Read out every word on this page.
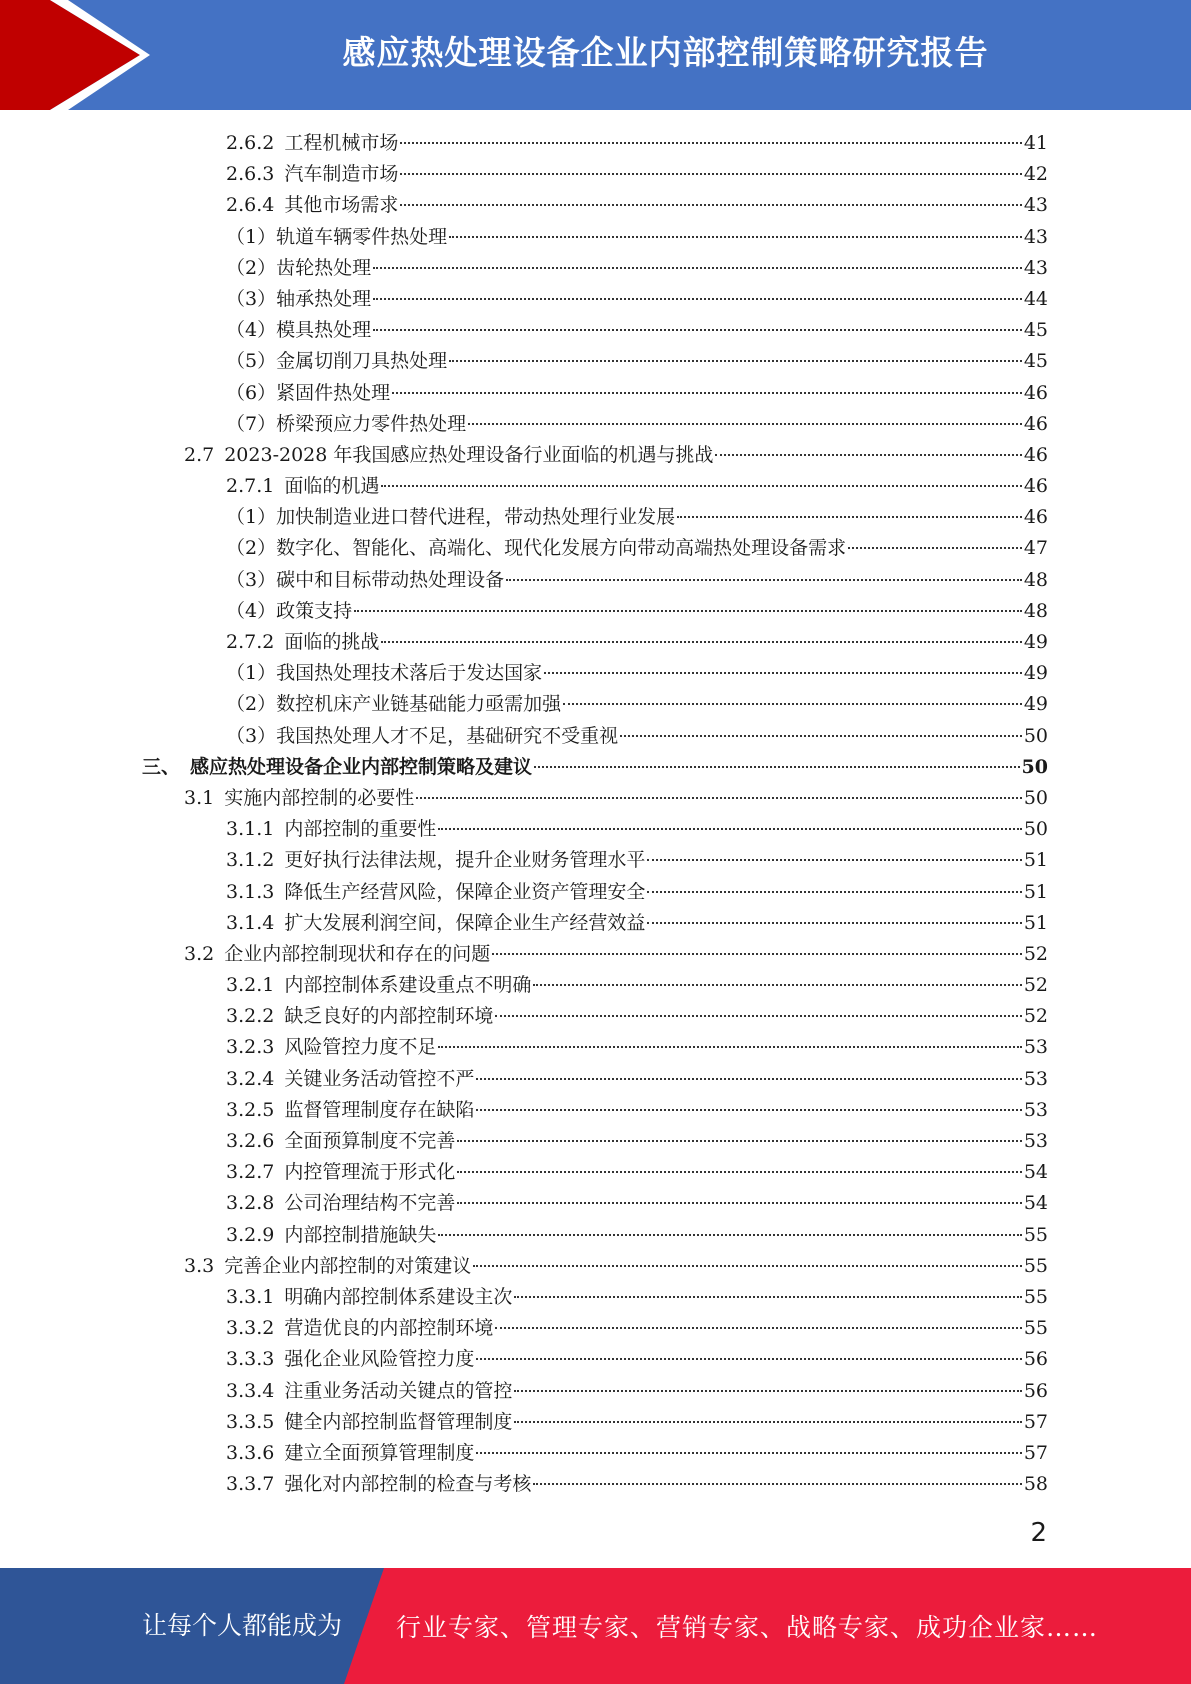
感应热处理设备企业内部控制策略研究报告
2.6.2 工程机械市场	41
2.6.3 汽车制造市场	42
2.6.4 其他市场需求	43
（1） 轨道车辆零件热处理	43
（2） 齿轮热处理	43
（3） 轴承热处理	44
（4） 模具热处理	45
（5） 金属切削刀具热处理	45
（6） 紧固件热处理	46
（7） 桥梁预应力零件热处理	46
2.7 2023-2028 年我国感应热处理设备行业面临的机遇与挑战	46
2.7.1 面临的机遇	46
（1） 加快制造业进口替代进程，带动热处理行业发展	46
（2） 数字化、智能化、高端化、现代化发展方向带动高端热处理设备需求	47
（3） 碳中和目标带动热处理设备	48
（4） 政策支持	48
2.7.2 面临的挑战	49
（1） 我国热处理技术落后于发达国家	49
（2） 数控机床产业链基础能力亟需加强	49
（3） 我国热处理人才不足，基础研究不受重视	50
三、 感应热处理设备企业内部控制策略及建议	50
3.1 实施内部控制的必要性	50
3.1.1 内部控制的重要性	50
3.1.2 更好执行法律法规，提升企业财务管理水平	51
3.1.3 降低生产经营风险，保障企业资产管理安全	51
3.1.4 扩大发展利润空间，保障企业生产经营效益	51
3.2 企业内部控制现状和存在的问题	52
3.2.1 内部控制体系建设重点不明确	52
3.2.2 缺乏良好的内部控制环境	52
3.2.3 风险管控力度不足	53
3.2.4 关键业务活动管控不严	53
3.2.5 监督管理制度存在缺陷	53
3.2.6 全面预算制度不完善	53
3.2.7 内控管理流于形式化	54
3.2.8 公司治理结构不完善	54
3.2.9 内部控制措施缺失	55
3.3 完善企业内部控制的对策建议	55
3.3.1 明确内部控制体系建设主次	55
3.3.2 营造优良的内部控制环境	55
3.3.3 强化企业风险管控力度	56
3.3.4 注重业务活动关键点的管控	56
3.3.5 健全内部控制监督管理制度	57
3.3.6 建立全面预算管理制度	57
3.3.7 强化对内部控制的检查与考核	58
2
让每个人都能成为 行业专家、管理专家、营销专家、战略专家、成功企业家……
